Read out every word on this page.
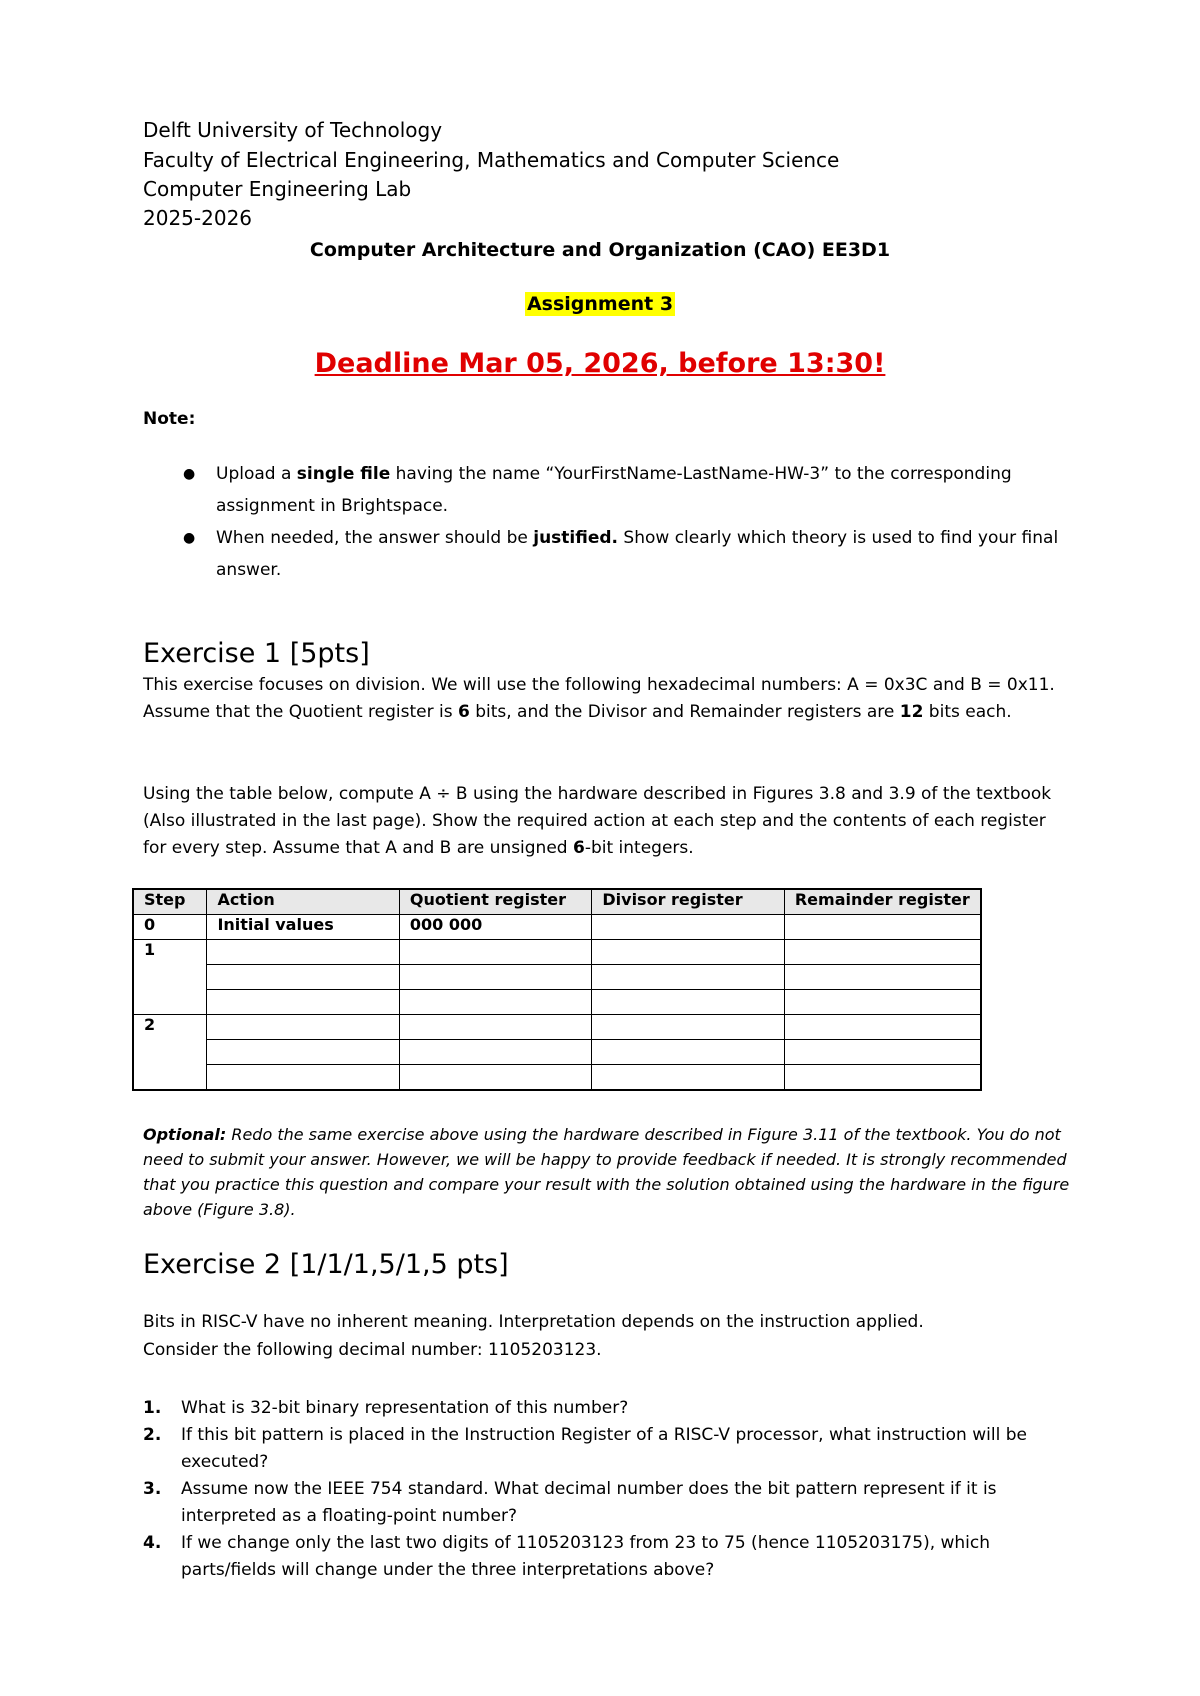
Delft University of Technology

Faculty of Electrical Engineering, Mathematics and Computer Science

Computer Engineering Lab

2025-2026

Computer Architecture and Organization (CAO) EE3D1

Assignment 3

Deadline Mar 05, 2026, before 13:30!

Note:

● Upload a single file having the name “YourFirstName-LastName-HW-3” to the corresponding assignment in Brightspace.
● When needed, the answer should be justified. Show clearly which theory is used to find your final answer.
Exercise 1 [5pts]

This exercise focuses on division. We will use the following hexadecimal numbers: A = 0x3C and B = 0x11. Assume that the Quotient register is 6 bits, and the Divisor and Remainder registers are 12 bits each.

Using the table below, compute A ÷ B using the hardware described in Figures 3.8 and 3.9 of the textbook (Also illustrated in the last page). Show the required action at each step and the contents of each register for every step. Assume that A and B are unsigned 6-bit integers.

Step	Action	Quotient register	Divisor register	Remainder register
0	Initial values	000 000		
1				

2				

Optional: Redo the same exercise above using the hardware described in Figure 3.11 of the textbook. You do not need to submit your answer. However, we will be happy to provide feedback if needed. It is strongly recommended that you practice this question and compare your result with the solution obtained using the hardware in the figure above (Figure 3.8).

Exercise 2 [1/1/1,5/1,5 pts]

Bits in RISC-V have no inherent meaning. Interpretation depends on the instruction applied.

Consider the following decimal number: 1105203123.

1. What is 32-bit binary representation of this number?
2. If this bit pattern is placed in the Instruction Register of a RISC-V processor, what instruction will be executed?
3. Assume now the IEEE 754 standard. What decimal number does the bit pattern represent if it is interpreted as a floating-point number?
4. If we change only the last two digits of 1105203123 from 23 to 75 (hence 1105203175), which parts/fields will change under the three interpretations above?
